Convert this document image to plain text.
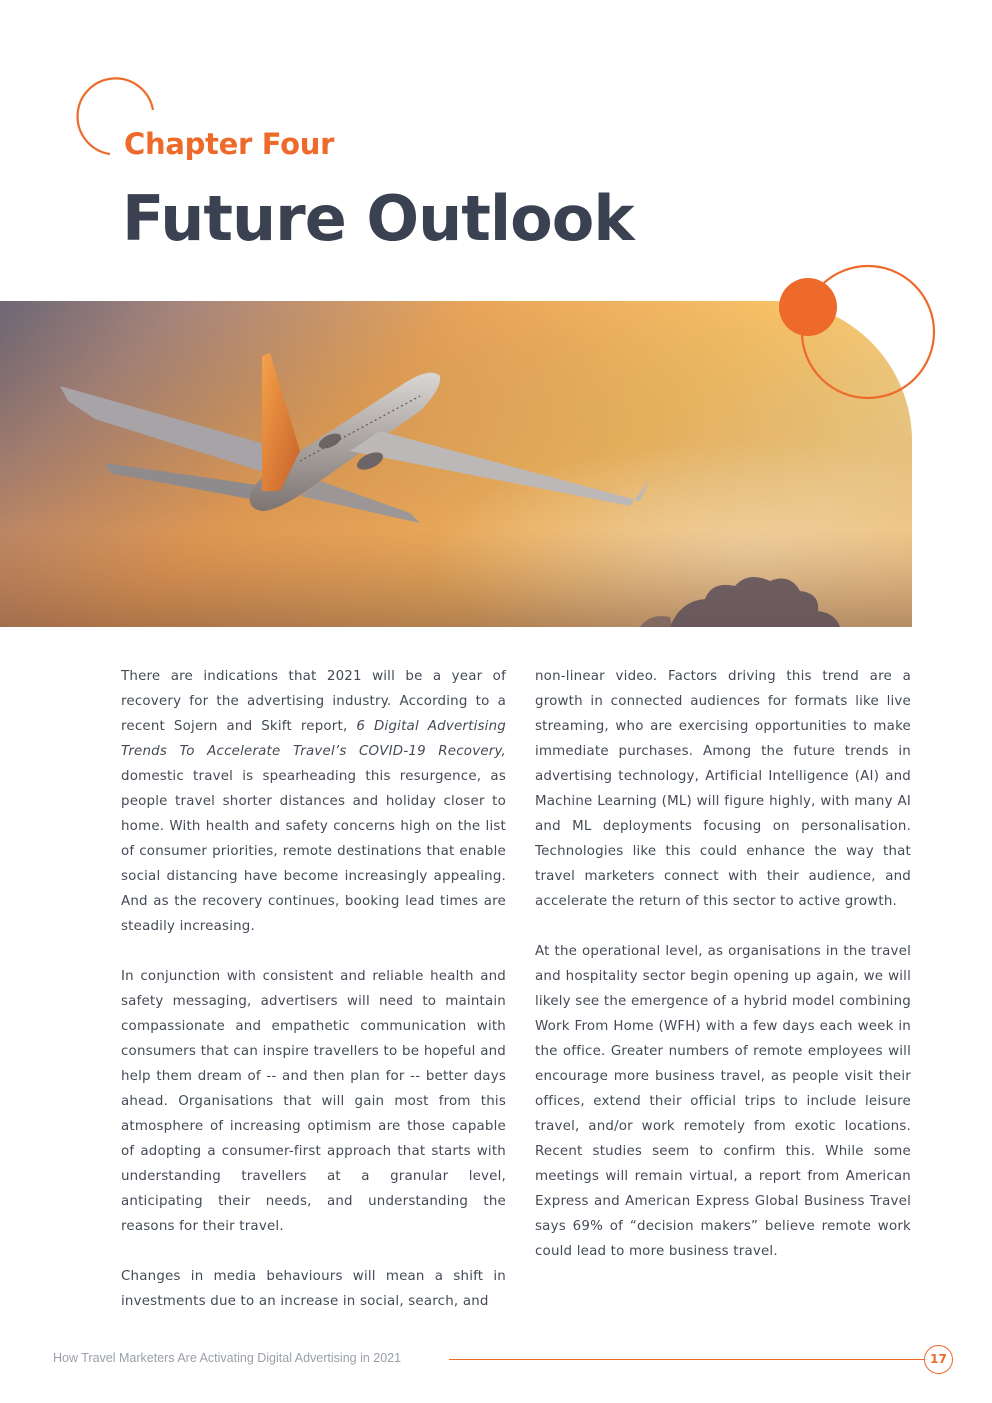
Chapter Four
Future Outlook

There are indications that 2021 will be a year of recovery for the advertising industry. According to a recent Sojern and Skift report, 6 Digital Advertising Trends To Accelerate Travel’s COVID-19 Recovery, domestic travel is spearheading this resurgence, as people travel shorter distances and holiday closer to home. With health and safety concerns high on the list of consumer priorities, remote destinations that enable social distancing have become increasingly appealing. And as the recovery continues, booking lead times are steadily increasing.

In conjunction with consistent and reliable health and safety messaging, advertisers will need to maintain compassionate and empathetic communication with consumers that can inspire travellers to be hopeful and help them dream of -- and then plan for -- better days ahead. Organisations that will gain most from this atmosphere of increasing optimism are those capable of adopting a consumer-first approach that starts with understanding travellers at a granular level, anticipating their needs, and understanding the reasons for their travel.

Changes in media behaviours will mean a shift in investments due to an increase in social, search, and

non-linear video. Factors driving this trend are a growth in connected audiences for formats like live streaming, who are exercising opportunities to make immediate purchases. Among the future trends in advertising technology, Artificial Intelligence (AI) and Machine Learning (ML) will figure highly, with many AI and ML deployments focusing on personalisation. Technologies like this could enhance the way that travel marketers connect with their audience, and accelerate the return of this sector to active growth.

At the operational level, as organisations in the travel and hospitality sector begin opening up again, we will likely see the emergence of a hybrid model combining Work From Home (WFH) with a few days each week in the office. Greater numbers of remote employees will encourage more business travel, as people visit their offices, extend their official trips to include leisure travel, and/or work remotely from exotic locations. Recent studies seem to confirm this. While some meetings will remain virtual, a report from American Express and American Express Global Business Travel says 69% of “decision makers” believe remote work could lead to more business travel.

How Travel Marketers Are Activating Digital Advertising in 2021	17
